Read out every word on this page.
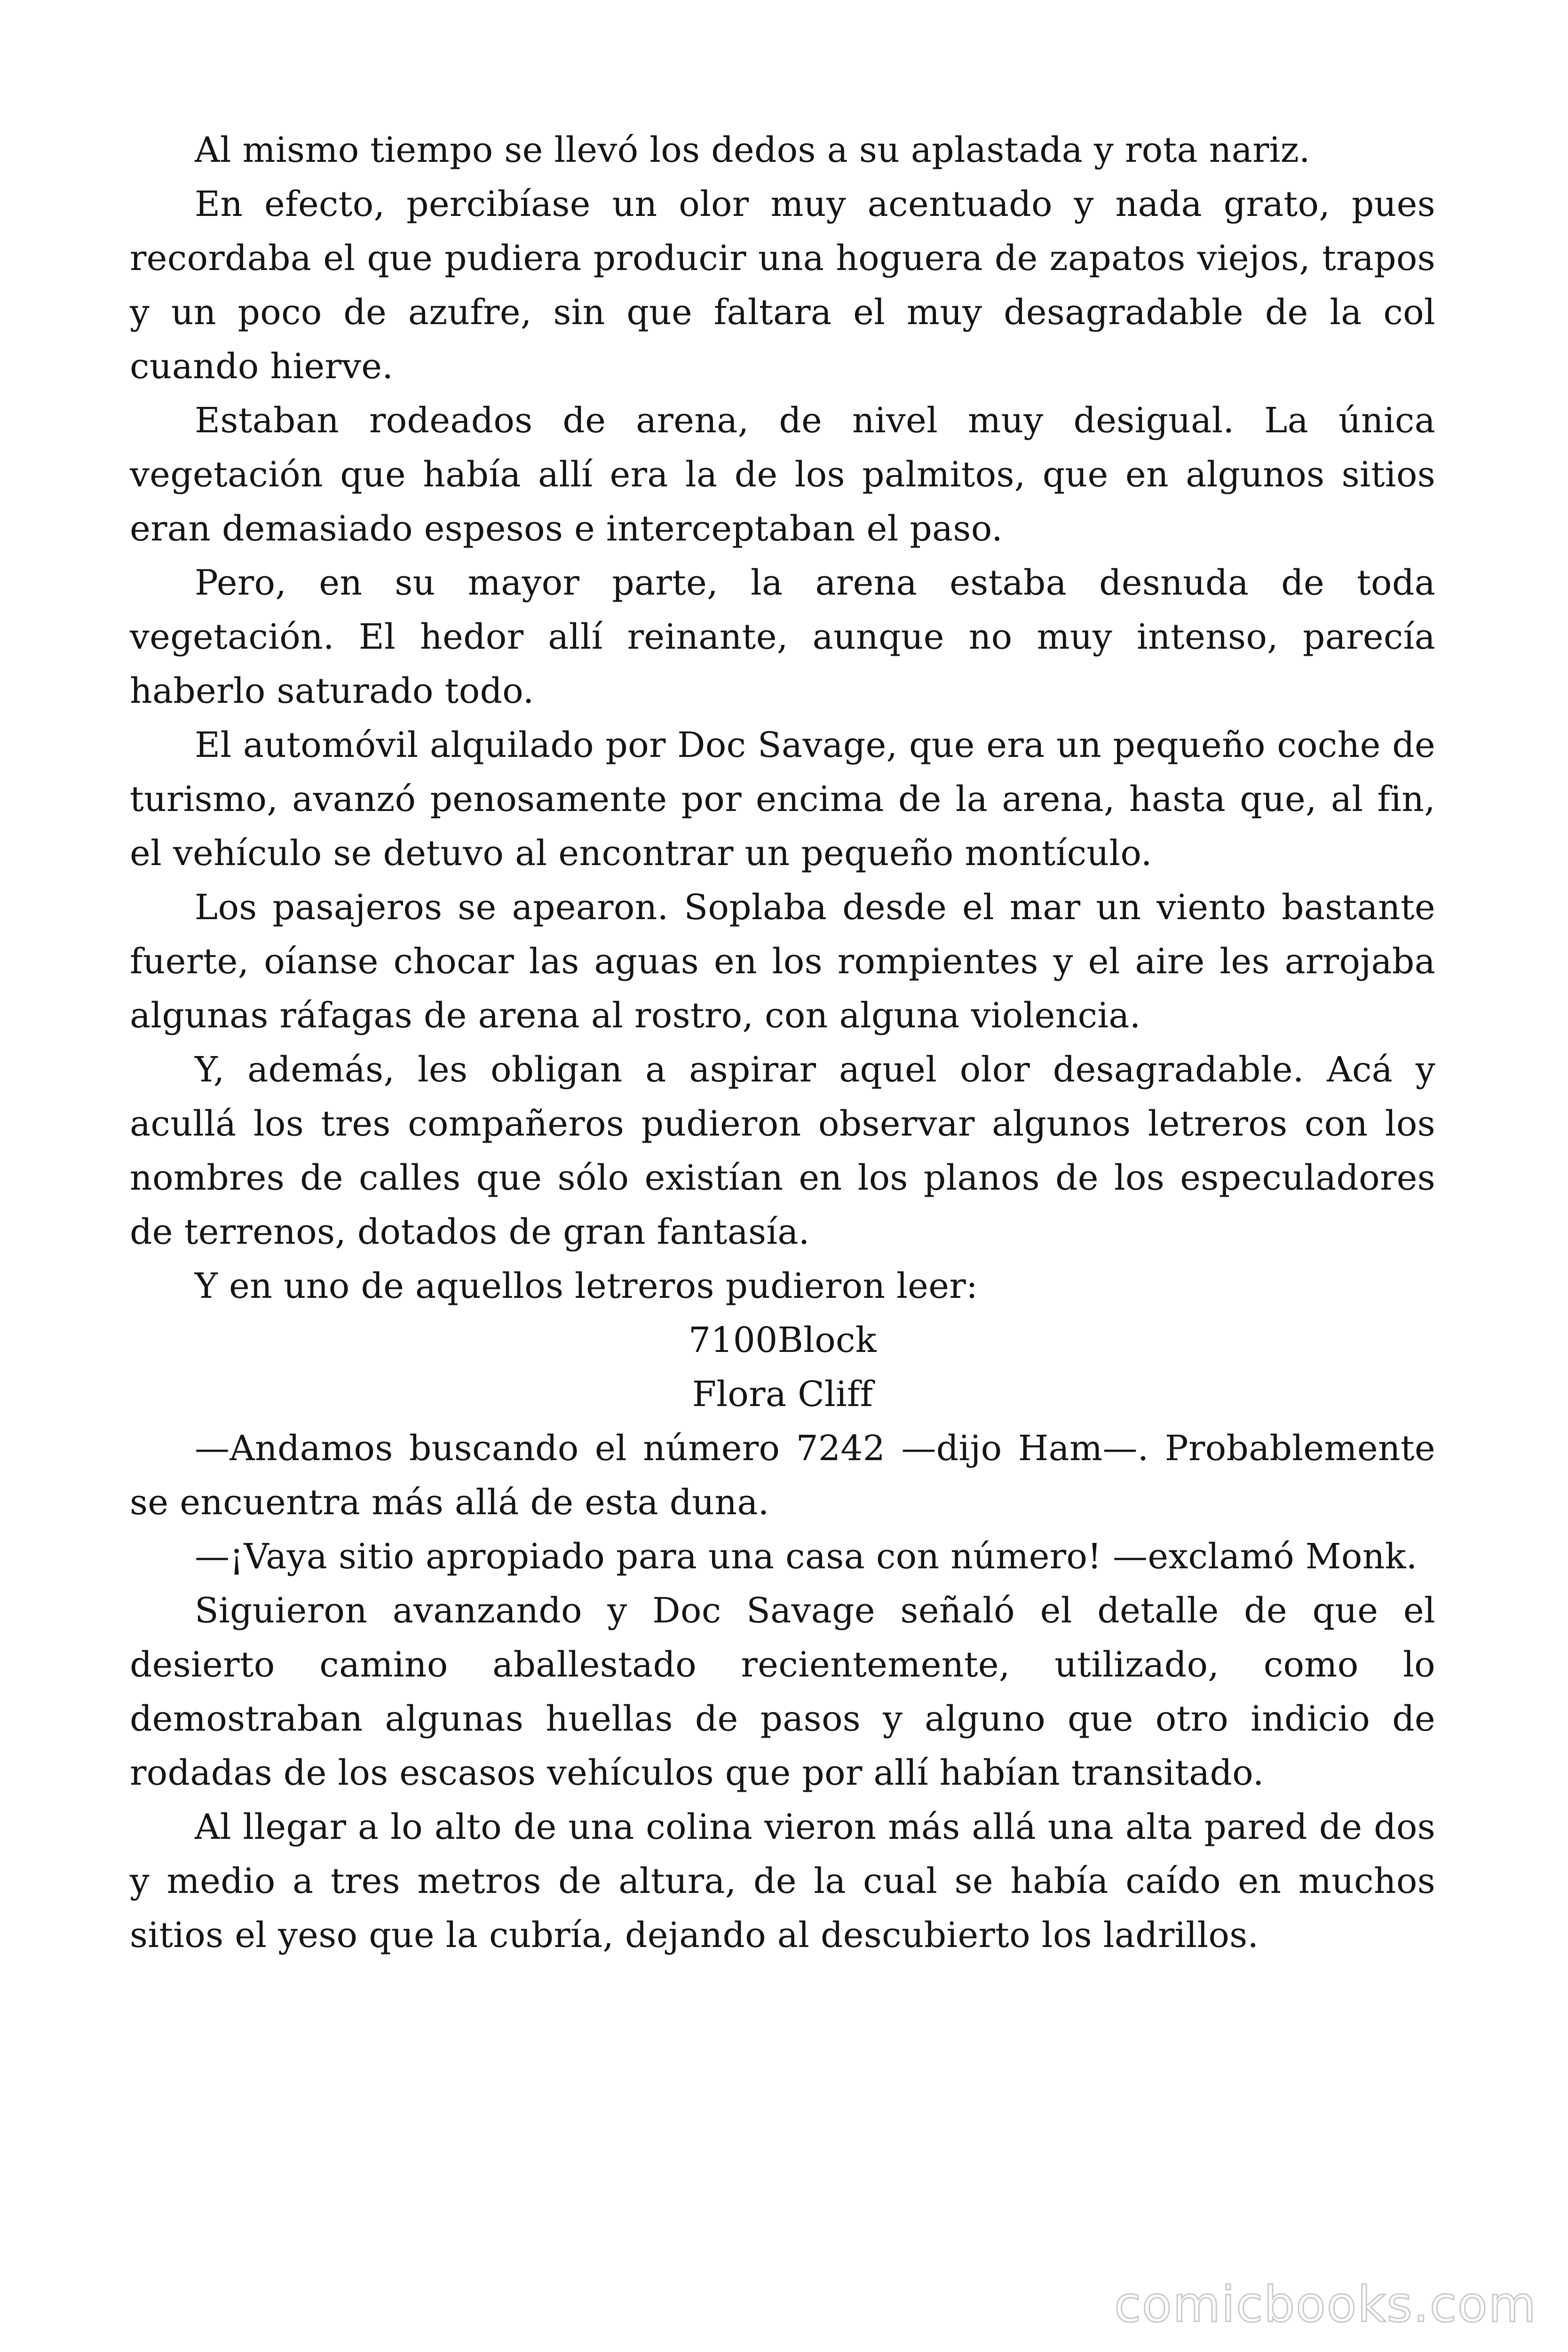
Al mismo tiempo se llevó los dedos a su aplastada y rota nariz.

En efecto, percibíase un olor muy acentuado y nada grato, pues recordaba el que pudiera producir una hoguera de zapatos viejos, trapos y un poco de azufre, sin que faltara el muy desagradable de la col cuando hierve.

Estaban rodeados de arena, de nivel muy desigual. La única vegetación que había allí era la de los palmitos, que en algunos sitios eran demasiado espesos e interceptaban el paso.

Pero, en su mayor parte, la arena estaba desnuda de toda vegetación. El hedor allí reinante, aunque no muy intenso, parecía haberlo saturado todo.

El automóvil alquilado por Doc Savage, que era un pequeño coche de turismo, avanzó penosamente por encima de la arena, hasta que, al fin, el vehículo se detuvo al encontrar un pequeño montículo.

Los pasajeros se apearon. Soplaba desde el mar un viento bastante fuerte, oíanse chocar las aguas en los rompientes y el aire les arrojaba algunas ráfagas de arena al rostro, con alguna violencia.

Y, además, les obligan a aspirar aquel olor desagradable. Acá y acullá los tres compañeros pudieron observar algunos letreros con los nombres de calles que sólo existían en los planos de los especuladores de terrenos, dotados de gran fantasía.

Y en uno de aquellos letreros pudieron leer:

7100Block

Flora Cliff

—Andamos buscando el número 7242 —dijo Ham—. Probablemente se encuentra más allá de esta duna.

—¡Vaya sitio apropiado para una casa con número! —exclamó Monk.

Siguieron avanzando y Doc Savage señaló el detalle de que el desierto camino aballestado recientemente, utilizado, como lo demostraban algunas huellas de pasos y alguno que otro indicio de rodadas de los escasos vehículos que por allí habían transitado.

Al llegar a lo alto de una colina vieron más allá una alta pared de dos y medio a tres metros de altura, de la cual se había caído en muchos sitios el yeso que la cubría, dejando al descubierto los ladrillos.

comicbooks.com
